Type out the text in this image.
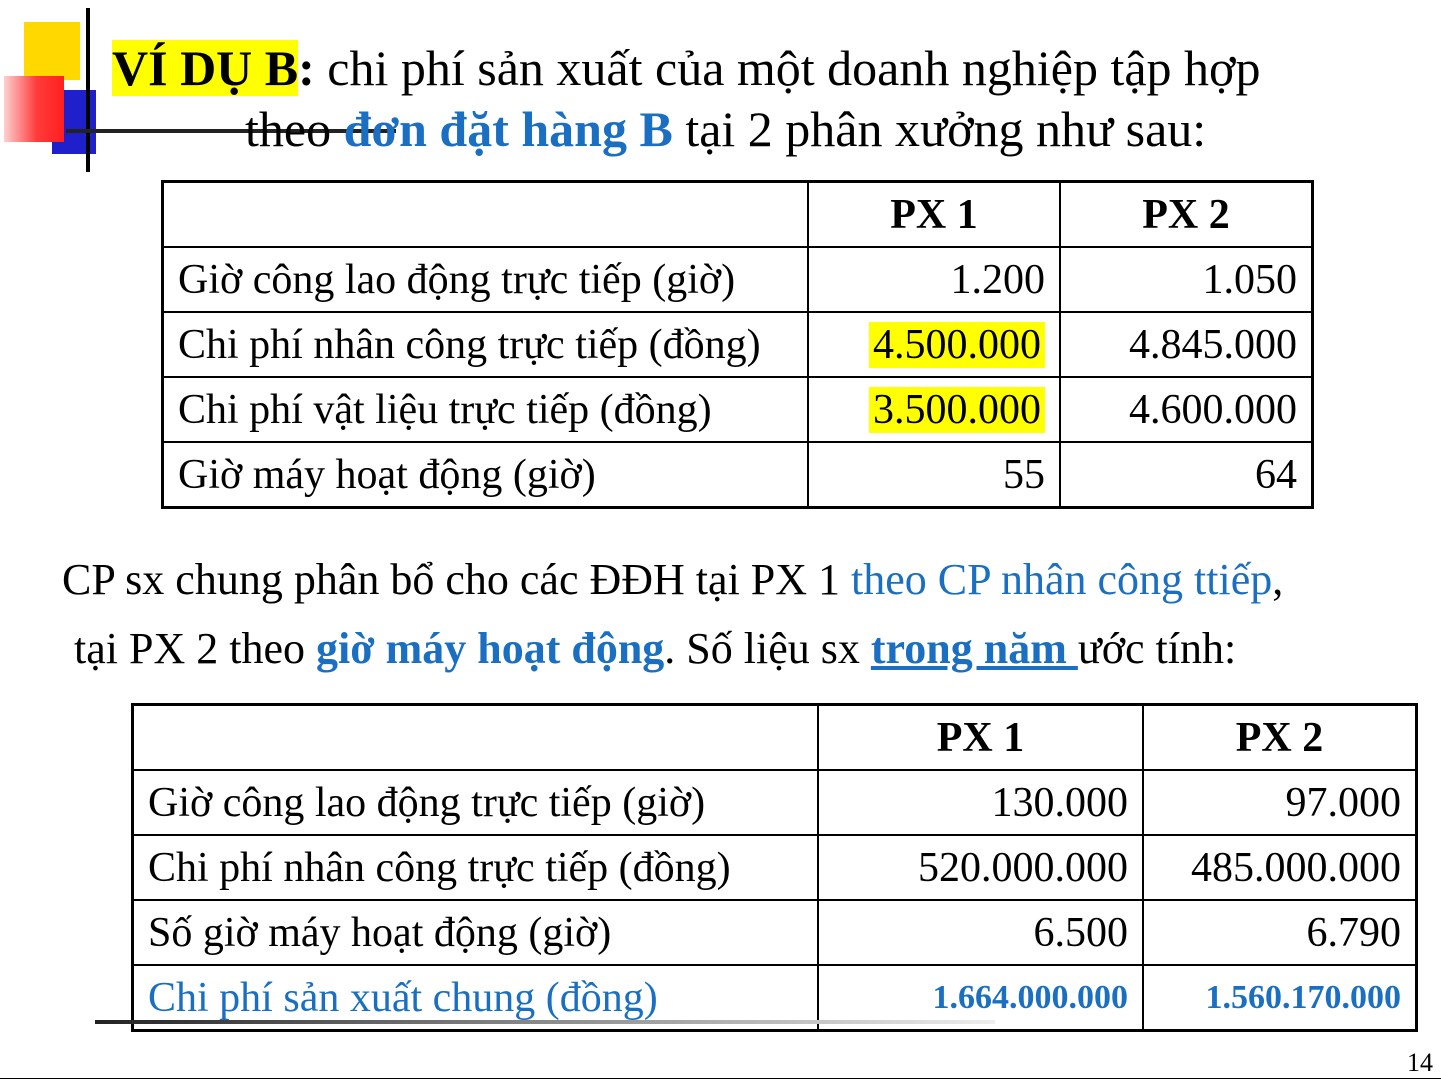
VÍ DỤ B: chi phí sản xuất của một doanh nghiệp tập hợp
theo đơn đặt hàng B tại 2 phân xưởng như sau:
	PX 1	PX 2
Giờ công lao động trực tiếp (giờ)	1.200	1.050
Chi phí nhân công trực tiếp (đồng)	4.500.000	4.845.000
Chi phí vật liệu trực tiếp (đồng)	3.500.000	4.600.000
Giờ máy hoạt động (giờ)	55	64
CP sx chung phân bổ cho các ĐĐH tại PX 1 theo CP nhân công ttiếp,
tại PX 2 theo giờ máy hoạt động. Số liệu sx trong năm ước tính:
	PX 1	PX 2
Giờ công lao động trực tiếp (giờ)	130.000	97.000
Chi phí nhân công trực tiếp (đồng)	520.000.000	485.000.000
Số giờ máy hoạt động (giờ)	6.500	6.790
Chi phí sản xuất chung (đồng)	1.664.000.000	1.560.170.000
14
